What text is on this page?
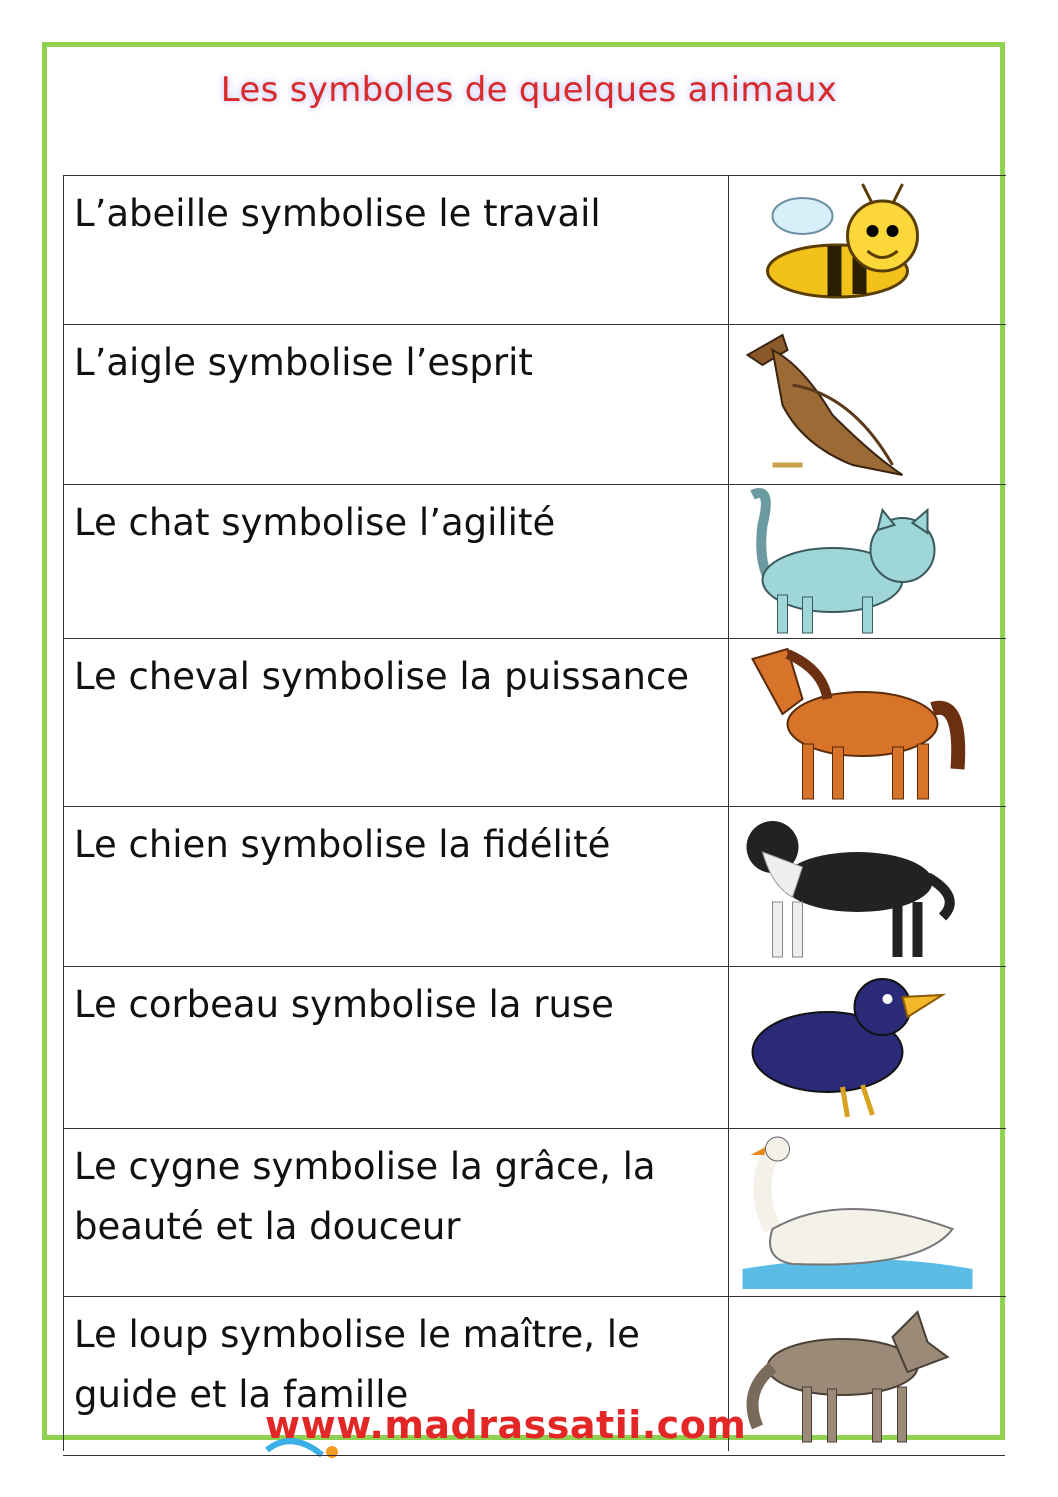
Les symboles de quelques animaux
L’abeille symbolise le travail
L’aigle symbolise l’esprit
Le chat symbolise l’agilité
Le cheval symbolise la puissance
Le chien symbolise la fidélité
Le corbeau symbolise la ruse
Le cygne symbolise la grâce, la beauté et la douceur
Le loup symbolise le maître, le guide et la famille
www.madrassatii.com
